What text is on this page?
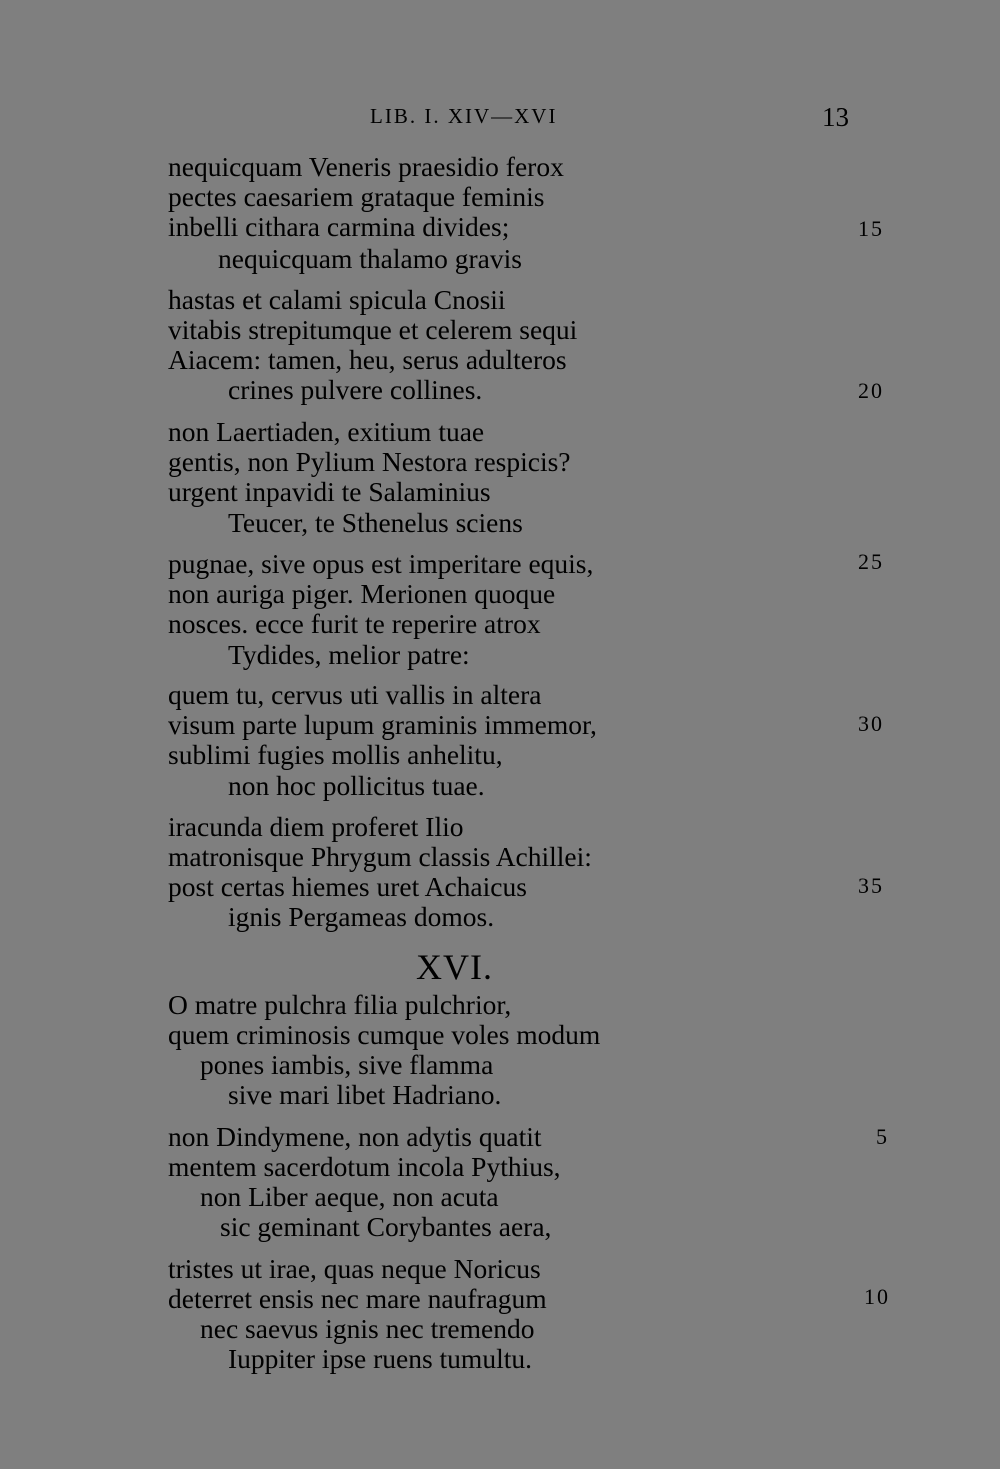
LIB. I. XIV—XVI	13
nequicquam Veneris praesidio ferox
pectes caesariem grataque feminis
inbelli cithara carmina divides;
nequicquam thalamo gravis
hastas et calami spicula Cnosii
vitabis strepitumque et celerem sequi
Aiacem: tamen, heu, serus adulteros
crines pulvere collines.
non Laertiaden, exitium tuae
gentis, non Pylium Nestora respicis?
urgent inpavidi te Salaminius
Teucer, te Sthenelus sciens
pugnae, sive opus est imperitare equis,
non auriga piger. Merionen quoque
nosces. ecce furit te reperire atrox
Tydides, melior patre:
quem tu, cervus uti vallis in altera
visum parte lupum graminis immemor,
sublimi fugies mollis anhelitu,
non hoc pollicitus tuae.
iracunda diem proferet Ilio
matronisque Phrygum classis Achillei:
post certas hiemes uret Achaicus
ignis Pergameas domos.
15
20
25
30
35
XVI.
O matre pulchra filia pulchrior,
quem criminosis cumque voles modum
pones iambis, sive flamma
sive mari libet Hadriano.
non Dindymene, non adytis quatit
mentem sacerdotum incola Pythius,
non Liber aeque, non acuta
sic geminant Corybantes aera,
tristes ut irae, quas neque Noricus
deterret ensis nec mare naufragum
nec saevus ignis nec tremendo
Iuppiter ipse ruens tumultu.
5
10
